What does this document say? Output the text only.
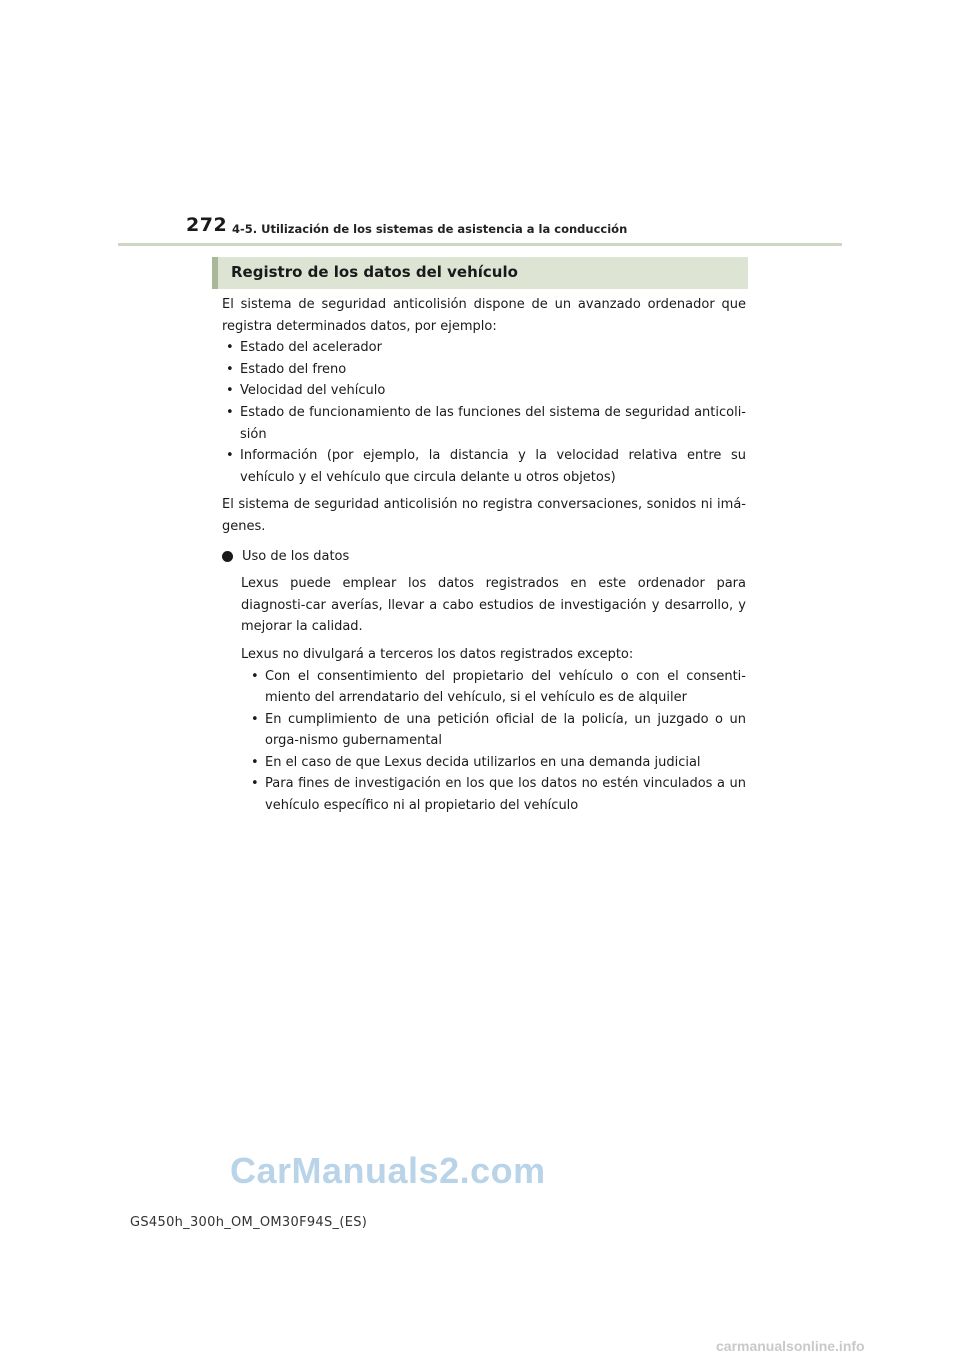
272 4-5. Utilización de los sistemas de asistencia a la conducción
Registro de los datos del vehículo

El sistema de seguridad anticolisión dispone de un avanzado ordenador que registra determinados datos, por ejemplo:

• Estado del acelerador
• Estado del freno
• Velocidad del vehículo
• Estado de funcionamiento de las funciones del sistema de seguridad anticoli-sión
• Información (por ejemplo, la distancia y la velocidad relativa entre su vehículo y el vehículo que circula delante u otros objetos)

El sistema de seguridad anticolisión no registra conversaciones, sonidos ni imá-genes.

Uso de los datos

Lexus puede emplear los datos registrados en este ordenador para diagnosti-car averías, llevar a cabo estudios de investigación y desarrollo, y mejorar la calidad.

Lexus no divulgará a terceros los datos registrados excepto:

• Con el consentimiento del propietario del vehículo o con el consenti-miento del arrendatario del vehículo, si el vehículo es de alquiler
• En cumplimiento de una petición oficial de la policía, un juzgado o un orga-nismo gubernamental
• En el caso de que Lexus decida utilizarlos en una demanda judicial
• Para fines de investigación en los que los datos no estén vinculados a un vehículo específico ni al propietario del vehículo
CarManuals2.com
GS450h_300h_OM_OM30F94S_(ES)
carmanualsonline.info
